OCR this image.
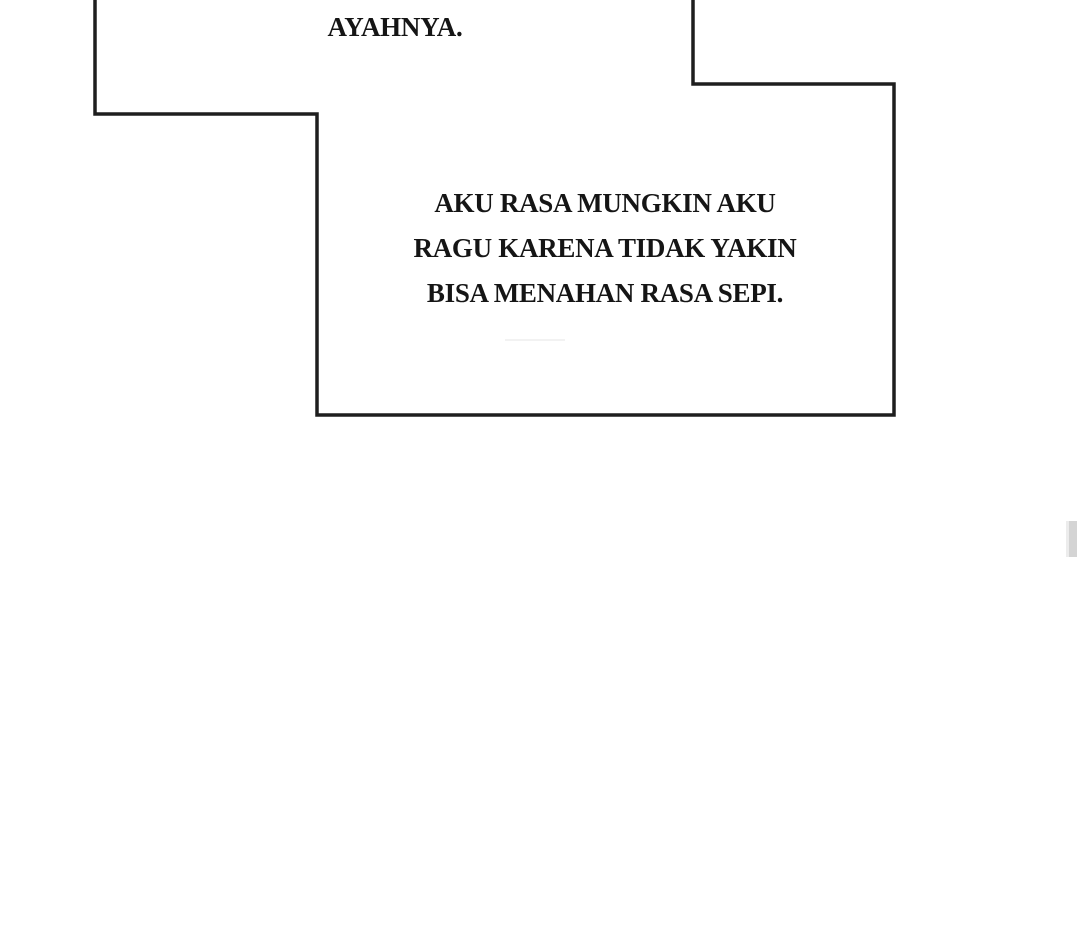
AYAHNYA.
AKU RASA MUNGKIN AKU
RAGU KARENA TIDAK YAKIN
BISA MENAHAN RASA SEPI.
